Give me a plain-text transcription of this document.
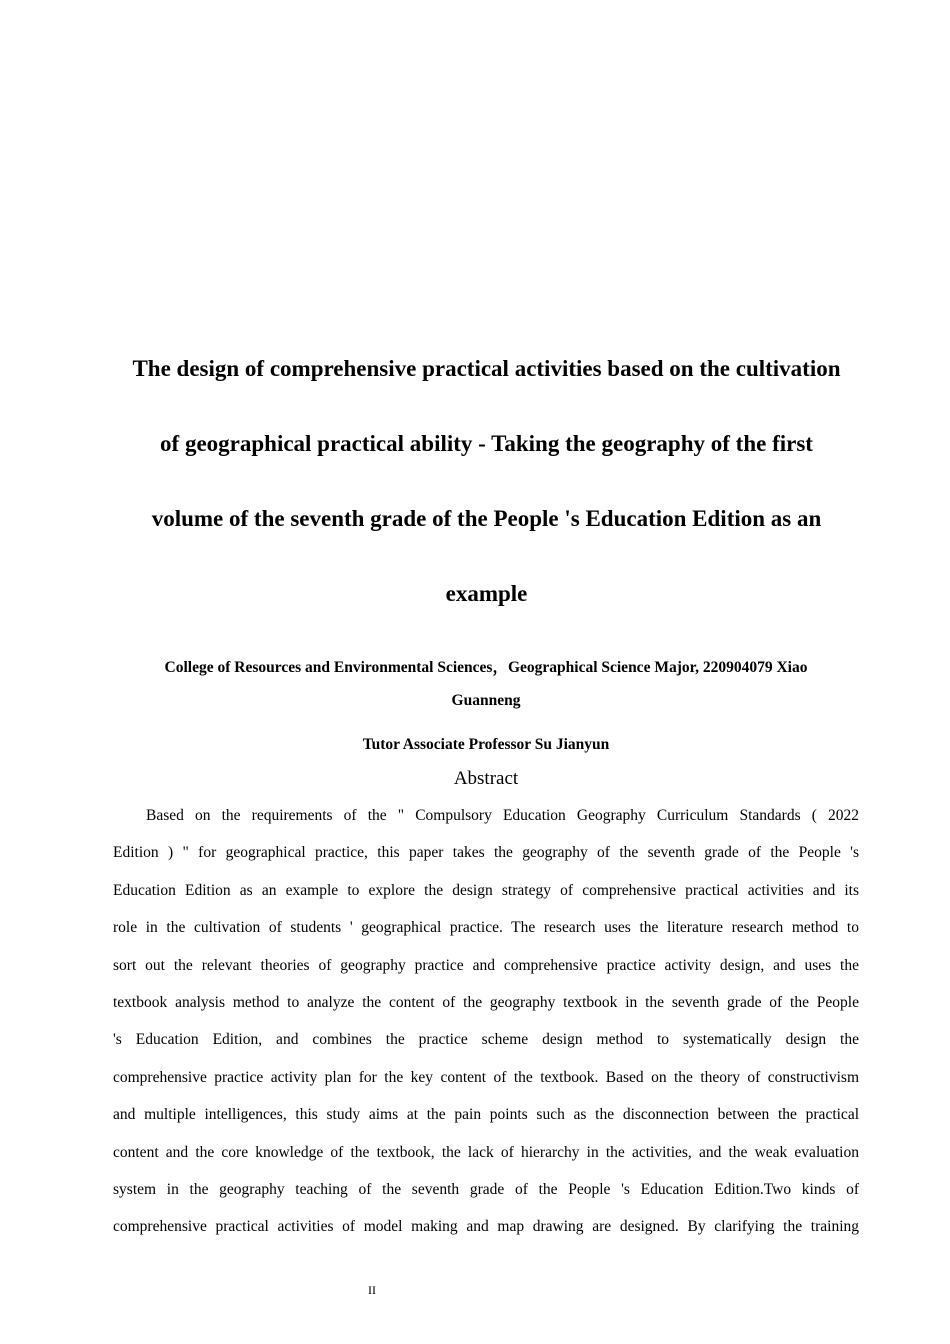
The design of comprehensive practical activities based on the cultivation
of geographical practical ability - Taking the geography of the first
volume of the seventh grade of the People 's Education Edition as an
example
College of Resources and Environmental Sciences，Geographical Science Major, 220904079 Xiao
Guanneng
Tutor Associate Professor Su Jianyun
Abstract
Based on the requirements of the " Compulsory Education Geography Curriculum Standards ( 2022
Edition ) " for geographical practice, this paper takes the geography of the seventh grade of the People 's
Education Edition as an example to explore the design strategy of comprehensive practical activities and its
role in the cultivation of students ' geographical practice. The research uses the literature research method to
sort out the relevant theories of geography practice and comprehensive practice activity design, and uses the
textbook analysis method to analyze the content of the geography textbook in the seventh grade of the People
's Education Edition, and combines the practice scheme design method to systematically design the
comprehensive practice activity plan for the key content of the textbook. Based on the theory of constructivism
and multiple intelligences, this study aims at the pain points such as the disconnection between the practical
content and the core knowledge of the textbook, the lack of hierarchy in the activities, and the weak evaluation
system in the geography teaching of the seventh grade of the People 's Education Edition.Two kinds of
comprehensive practical activities of model making and map drawing are designed. By clarifying the training
II
